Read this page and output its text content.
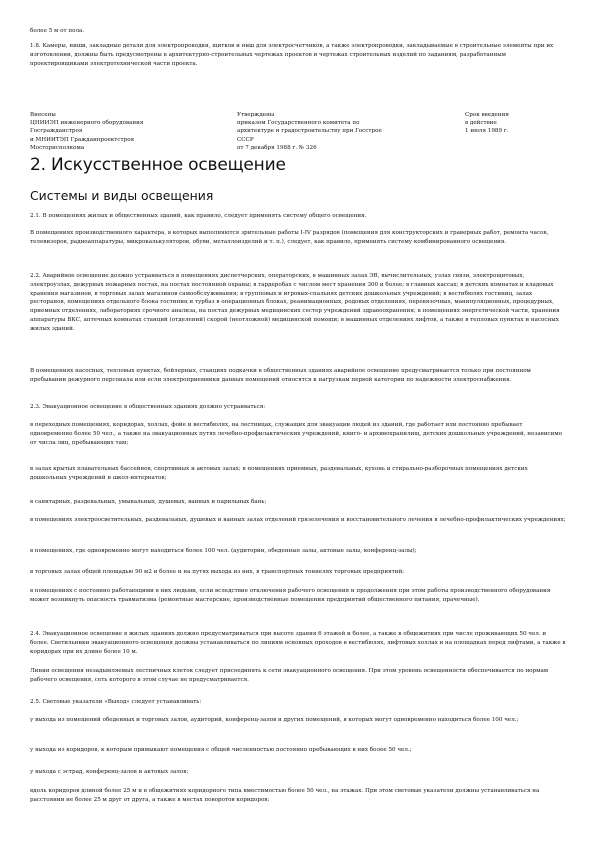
более 5 м от пола.

1.8. Камеры, ниши, закладные детали для электропроводки, щитков и ниш для электросчетчиков, а также электропроводки, закладываемые в строительные элементы при их изготовлении, должны быть предусмотрены в архитектурно-строительных чертежах проектов и чертежах строительных изделий по заданиям, разработанным проектировщиками электротехнической части проекта.

Внесены
ЦНИИЭП инженерного оборудования
Госгражданстроя
и МНИИТЭП Гражданпроектстроя
Мосгорисполкома
Утверждены
приказом Государственного комитета по
архитектуре и градостроительству при Госстрое
СССР
от 7 декабря 1988 г. № 326
Срок введения
в действие
1 июля 1989 г.
2. Искусственное освещение
Системы и виды освещения

2.1. В помещениях жилых и общественных зданий, как правило, следует применять систему общего освещения.

В помещениях производственного характера, в которых выполняются зрительные работы I-IV разрядов (помещения для конструкторских и граверных работ, ремонта часов, телевизоров, радиоаппаратуры, микрокалькуляторов, обуви, металлоизделий и т. п.), следует, как правило, применять систему комбинированного освещения.

2.2. Аварийное освещение должно устраиваться в помещениях диспетчерских, операторских, в машинных залах ЭВ, вычислительных, узлах связи, электрощитовых, электроузлах, дежурных пожарных постах, на постах постоянной охраны; в гардеробах с числом мест хранения 300 и более; в главных кассах; в детских комнатах и кладовых хранения магазинов, в торговых залах магазинов самообслуживания; в групповых и игровых-спальнях детских дошкольных учреждений; в вестибюлях гостиниц, залах ресторанов, помещениях отдельного блока гостиниц и турбаз в операционных блоках, реанимационных, родовых отделениях, перевязочных, манипуляционных, процедурных, приемных отделениях, лабораториях срочного анализа, на постах дежурных медицинских сестер учреждений здравоохранения; в помещениях энергетической части, хранения аппаратуры ВКС, аптечных комнатах станций (отделений) скорой (неотложной) медицинской помощи; в машинных отделениях лифтов, а также в тепловых пунктах и насосных жилых зданий.

В помещениях насосных, тепловых пунктах, бойлерных, станциях подкачки в общественных зданиях аварийное освещение предусматривается только при постоянном пребывании дежурного персонала или если электроприемники данных помещений относятся к нагрузкам первой категории по надежности электроснабжения.

2.3. Эвакуационное освещение в общественных зданиях должно устраиваться:

в переходных помещениях, коридорах, холлах, фойе и вестибюлях, на лестницах, служащих для эвакуации людей из зданий, где работает или постоянно пребывает одновременно более 50 чел., а также на эвакуационных путях лечебно-профилактических учреждений, книго- и архивохранилищ, детских дошкольных учреждений, независимо от числа лиц, пребывающих там;

в залах крытых плавательных бассейнов, спортивных и актовых залах; в помещениях приемных, раздевальных, кухонь и стирально-разборочных помещениях детских дошкольных учреждений и школ-интернатов;

в санитарных, раздевальных, умывальных, душевых, ванных и парильных бань;

в помещениях электроосветительных, раздевальных, душевых и ванных залах отделений грязелечения и восстановительного лечения в лечебно-профилактических учреждениях;

в помещениях, где одновременно могут находиться более 100 чел. (аудитории, обеденные залы, актовые залы, конференц-залы);

в торговых залах общей площадью 90 м2 и более и на путях выхода из них, в транспортных тоннелях торговых предприятий;

в помещениях с постоянно работающими в них людьми, если вследствие отключения рабочего освещения и продолжения при этом работы производственного оборудования может возникнуть опасность травматизма (ремонтные мастерские, производственные помещения предприятий общественного питания, прачечные).

2.4. Эвакуационное освещение в жилых зданиях должно предусматриваться при высоте здания 6 этажей и более, а также в общежитиях при числе проживающих 50 чел. и более. Светильники эвакуационного освещения должны устанавливаться по линиям основных проходов в вестибюлях, лифтовых холлах и на площадках перед лифтами, а также в коридорах при их длине более 10 м.

Линии освещения незадымляемых лестничных клеток следует присоединять к сети эвакуационного освещения. При этом уровень освещенности обеспечивается по нормам рабочего освещения, сеть которого в этом случае не предусматривается.

2.5. Световые указатели «Выход» следует устанавливать:

у выхода из помещений обеденных и торговых залов, аудиторий, конференц-залов и других помещений, в которых могут одновременно находиться более 100 чел.;

у выхода из коридоров, к которым примыкают помещения с общей численностью постоянно пребывающих в них более 50 чел.;

у выхода с эстрад, конференц-залов и актовых залов;

вдоль коридоров длиной более 25 м и в общежитиях коридорного типа вместимостью более 50 чел., на этажах. При этом световые указатели должны устанавливаться на расстоянии не более 25 м друг от друга, а также в местах поворотов коридоров;
